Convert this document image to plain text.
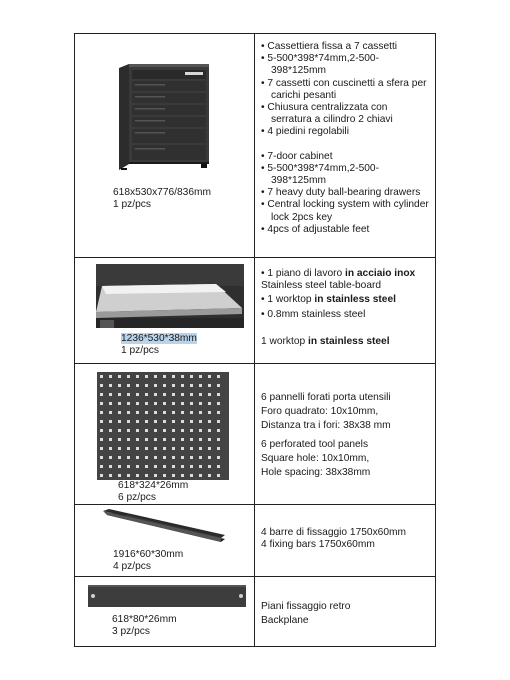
618x530x776/836mm
1 pz/pcs
• Cassettiera fissa a 7 cassetti
• 5-500*398*74mm,2-500-398*125mm
• 7 cassetti con cuscinetti a sfera per carichi pesanti
• Chiusura centralizzata con serratura a cilindro 2 chiavi
• 4 piedini regolabili
• 7-door cabinet
• 5-500*398*74mm,2-500-398*125mm
• 7 heavy duty ball-bearing drawers
• Central locking system with cylinder lock 2pcs key
• 4pcs of adjustable feet
1236*530*38mm
1 pz/pcs
• 1 piano di lavoro in acciaio inox

Stainless steel table-board

• 1 worktop in stainless steel
• 0.8mm stainless steel

1 worktop in stainless steel

618*324*26mm
6 pz/pcs

6 pannelli forati porta utensili

Foro quadrato: 10x10mm,

Distanza tra i fori: 38x38 mm

6 perforated tool panels

Square hole: 10x10mm,

Hole spacing: 38x38mm

1916*60*30mm
4 pz/pcs

4 barre di fissaggio 1750x60mm

4 fixing bars 1750x60mm

618*80*26mm
3 pz/pcs

Piani fissaggio retro

Backplane
